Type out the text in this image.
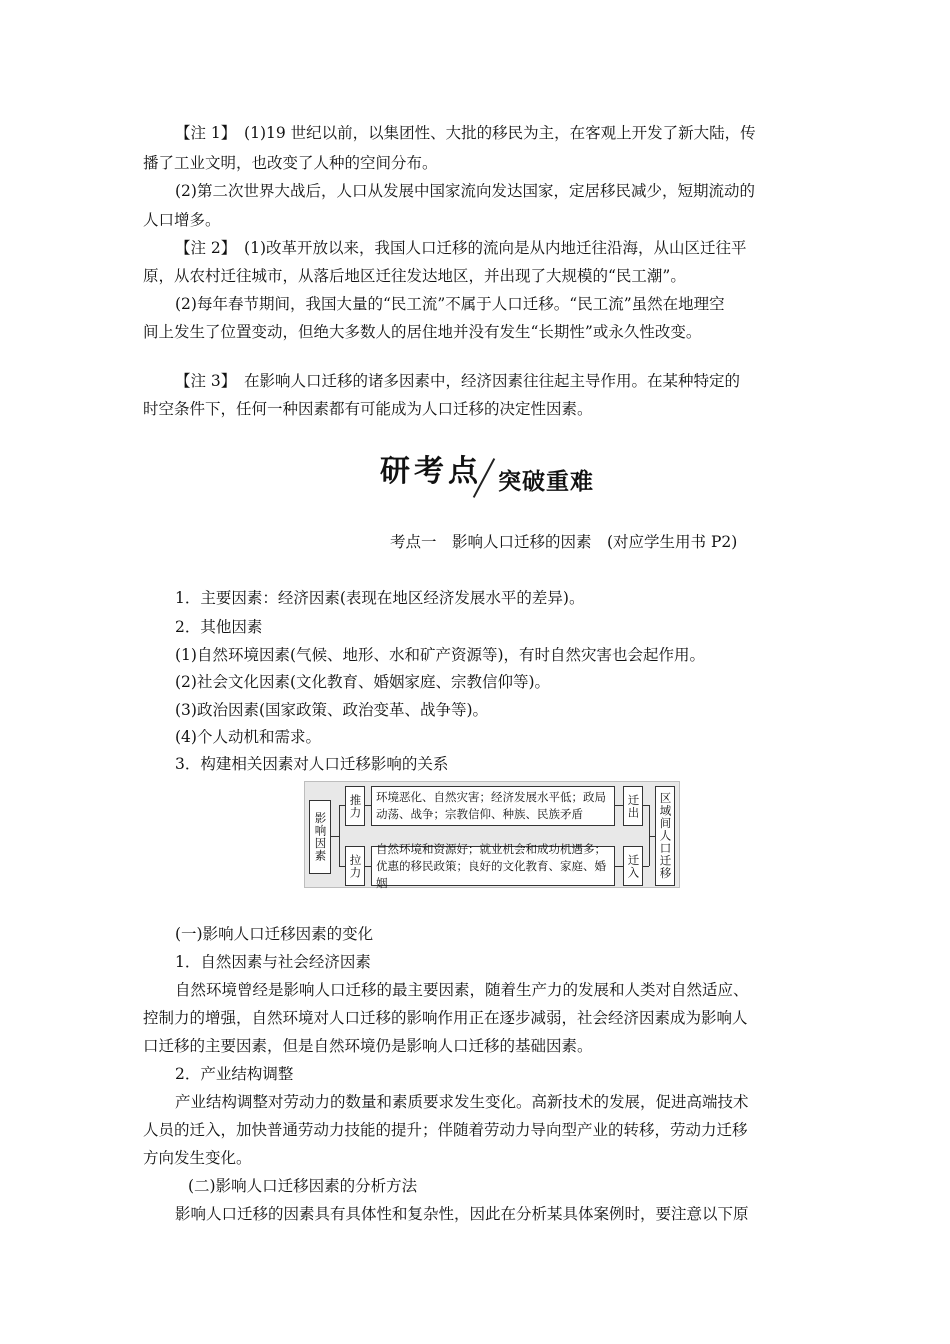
【注 1】　(1)19 世纪以前，以集团性、大批的移民为主，在客观上开发了新大陆，传
播了工业文明，也改变了人种的空间分布。
(2)第二次世界大战后，人口从发展中国家流向发达国家，定居移民减少，短期流动的
人口增多。
【注 2】　(1)改革开放以来，我国人口迁移的流向是从内地迁往沿海，从山区迁往平
原，从农村迁往城市，从落后地区迁往发达地区，并出现了大规模的“民工潮”。
(2)每年春节期间，我国大量的“民工流”不属于人口迁移。“民工流”虽然在地理空
间上发生了位置变动，但绝大多数人的居住地并没有发生“长期性”或永久性改变。
【注 3】　在影响人口迁移的诸多因素中，经济因素往往起主导作用。在某种特定的
时空条件下，任何一种因素都有可能成为人口迁移的决定性因素。
研考点 突破重难
考点一　影响人口迁移的因素　(对应学生用书 P2)
1．主要因素：经济因素(表现在地区经济发展水平的差异)。
2．其他因素
(1)自然环境因素(气候、地形、水和矿产资源等)，有时自然灾害也会起作用。
(2)社会文化因素(文化教育、婚姻家庭、宗教信仰等)。
(3)政治因素(国家政策、政治变革、战争等)。
(4)个人动机和需求。
3．构建相关因素对人口迁移影响的关系
影响因素
推力
拉力
环境恶化、自然灾害；经济发展水平低；政局动荡、战争；宗教信仰、种族、民族矛盾
自然环境和资源好；就业机会和成功机遇多；优惠的移民政策；良好的文化教育、家庭、婚姻
迁出
迁入	区域间人口迁移
(一)影响人口迁移因素的变化
1．自然因素与社会经济因素
自然环境曾经是影响人口迁移的最主要因素，随着生产力的发展和人类对自然适应、
控制力的增强，自然环境对人口迁移的影响作用正在逐步减弱，社会经济因素成为影响人
口迁移的主要因素，但是自然环境仍是影响人口迁移的基础因素。
2．产业结构调整
产业结构调整对劳动力的数量和素质要求发生变化。高新技术的发展，促进高端技术
人员的迁入，加快普通劳动力技能的提升；伴随着劳动力导向型产业的转移，劳动力迁移
方向发生变化。
(二)影响人口迁移因素的分析方法
影响人口迁移的因素具有具体性和复杂性，因此在分析某具体案例时，要注意以下原
